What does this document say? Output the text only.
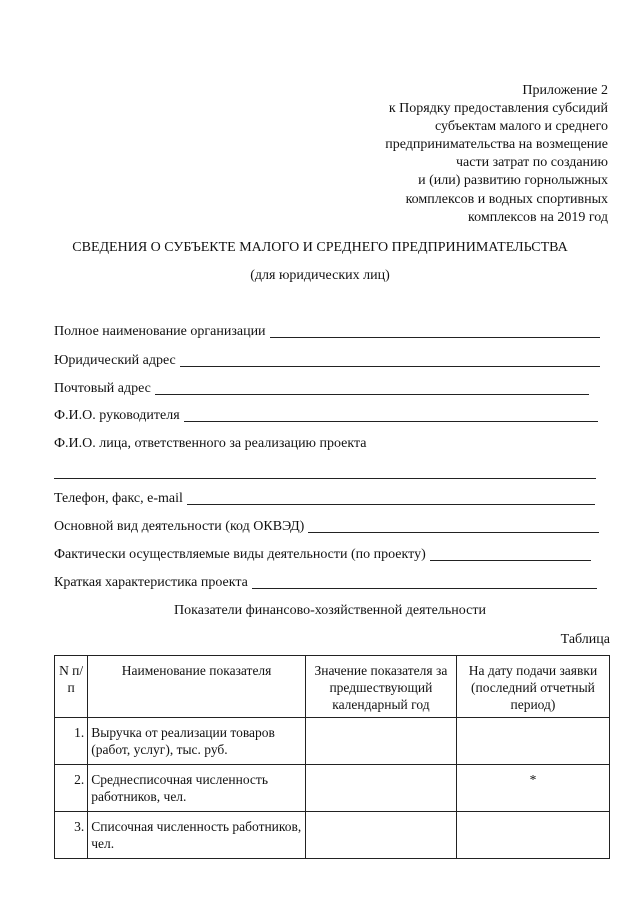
Приложение 2
к Порядку предоставления субсидий
субъектам малого и среднего
предпринимательства на возмещение
части затрат по созданию
и (или) развитию горнолыжных
комплексов и водных спортивных
комплексов на 2019 год
СВЕДЕНИЯ О СУБЪЕКТЕ МАЛОГО И СРЕДНЕГО ПРЕДПРИНИМАТЕЛЬСТВА
(для юридических лиц)
Полное наименование организации
Юридический адрес
Почтовый адрес
Ф.И.О. руководителя
Ф.И.О. лица, ответственного за реализацию проекта
Телефон, факс, e-mail
Основной вид деятельности (код ОКВЭД)
Фактически осуществляемые виды деятельности (по проекту)
Краткая характеристика проекта
Показатели финансово-хозяйственной деятельности
Таблица
N п/п	Наименование показателя	Значение показателя за предшествующий календарный год	На дату подачи заявки (последний отчетный период)
1.	Выручка от реализации товаров (работ, услуг), тыс. руб.		
2.	Среднесписочная численность работников, чел.		*
3.	Списочная численность работников, чел.		
